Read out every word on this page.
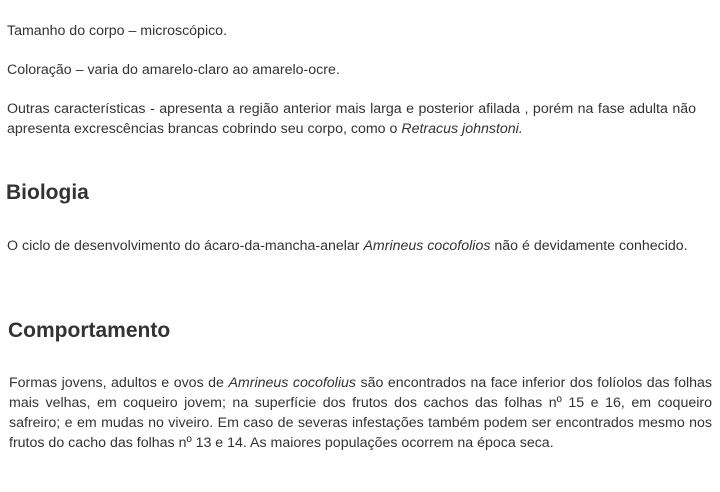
Tamanho do corpo – microscópico.

Coloração – varia do amarelo-claro ao amarelo-ocre.

Outras características - apresenta a região anterior mais larga e posterior afilada , porém na fase adulta não apresenta excrescências brancas cobrindo seu corpo, como o Retracus johnstoni.

Biologia

O ciclo de desenvolvimento do ácaro-da-mancha-anelar Amrineus cocofolios não é devidamente conhecido.

Comportamento

Formas jovens, adultos e ovos de Amrineus cocofolius são encontrados na face inferior dos folíolos das folhas mais velhas, em coqueiro jovem; na superfície dos frutos dos cachos das folhas nº 15 e 16, em coqueiro safreiro; e em mudas no viveiro. Em caso de severas infestações também podem ser encontrados mesmo nos frutos do cacho das folhas nº 13 e 14. As maiores populações ocorrem na época seca.
